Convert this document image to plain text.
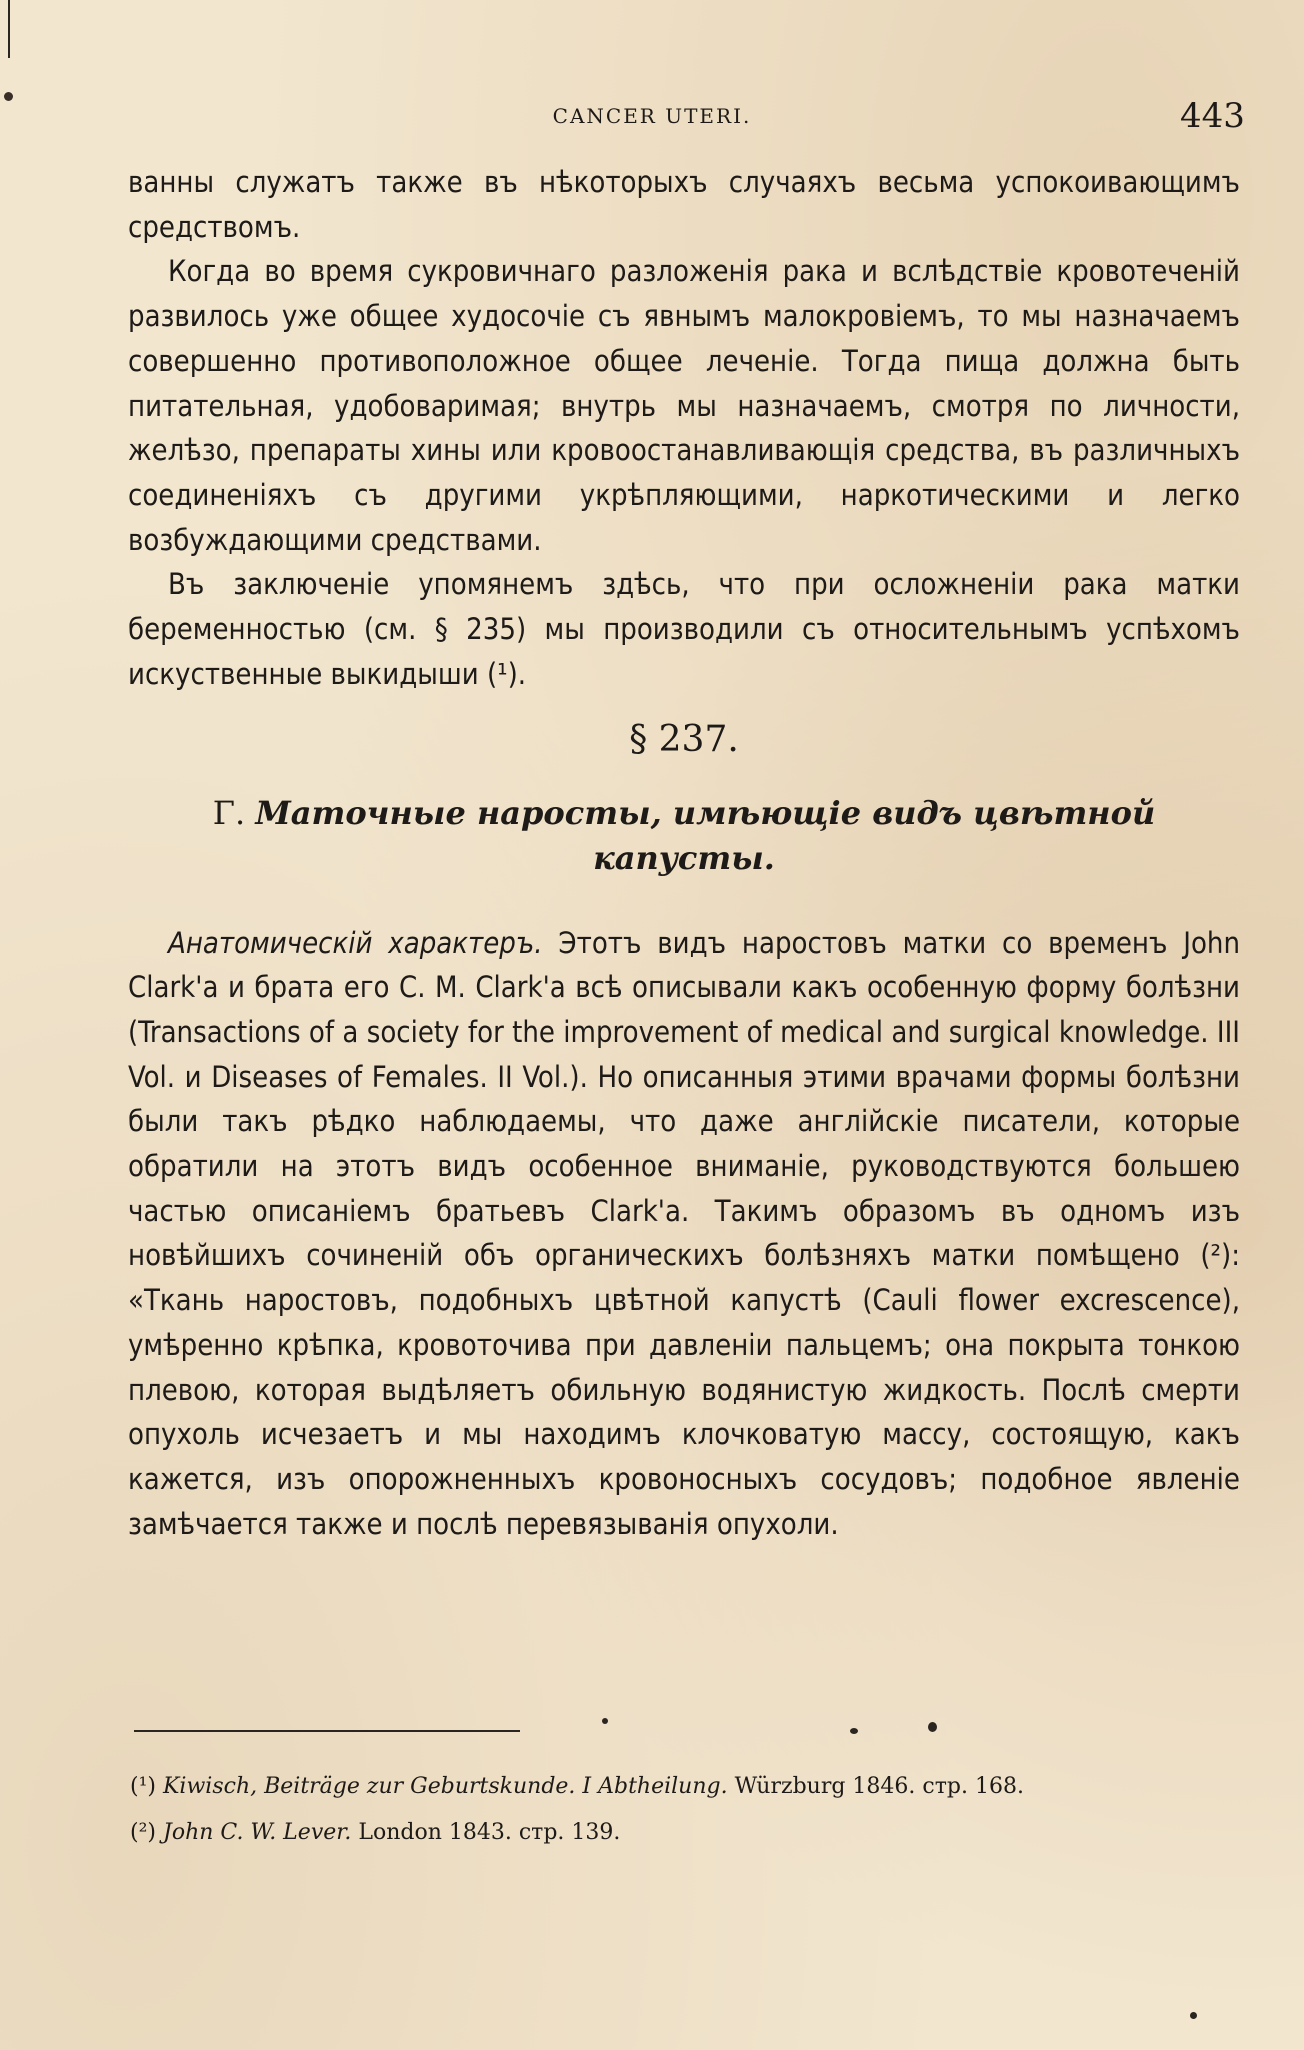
CANCER UTERI.	443

ванны служатъ также въ нѣкоторыхъ случаяхъ весьма успокоивающимъ средствомъ.

Когда во время сукровичнаго разложенія рака и вслѣдствіе кровотеченій развилось уже общее худосочіе съ явнымъ малокровіемъ, то мы назначаемъ совершенно противоположное общее леченіе. Тогда пища должна быть питательная, удобоваримая; внутрь мы назначаемъ, смотря по личности, желѣзо, препараты хины или кровоостанавливающія средства, въ различныхъ соединеніяхъ съ другими укрѣпляющими, наркотическими и легко возбуждающими средствами.

Въ заключеніе упомянемъ здѣсь, что при осложненіи рака матки беременностью (см. § 235) мы производили съ относительнымъ успѣхомъ искуственные выкидыши (¹).

§ 237.
Γ. Маточные наросты, имѣющіе видъ цвѣтной капусты.

Анатомическій характеръ. Этотъ видъ наростовъ матки со временъ John Clark'а и брата его C. M. Clark'а всѣ описывали какъ особенную форму болѣзни (Transactions of a society for the improvement of medical and surgical knowledge. III Vol. и Diseases of Females. II Vol.). Но описанныя этими врачами формы болѣзни были такъ рѣдко наблюдаемы, что даже англійскіе писатели, которые обратили на этотъ видъ особенное вниманіе, руководствуются большею частью описаніемъ братьевъ Clark'а. Такимъ образомъ въ одномъ изъ новѣйшихъ сочиненій объ органическихъ болѣзняхъ матки помѣщено (²): «Ткань наростовъ, подобныхъ цвѣтной капустѣ (Cauli flower excrescence), умѣренно крѣпка, кровоточива при давленіи пальцемъ; она покрыта тонкою плевою, которая выдѣляетъ обильную водянистую жидкость. Послѣ смерти опухоль исчезаетъ и мы находимъ клочковатую массу, состоящую, какъ кажется, изъ опорожненныхъ кровоносныхъ сосудовъ; подобное явленіе замѣчается также и послѣ перевязыванія опухоли.

(¹) Kiwisch, Beiträge zur Geburtskunde. I Abtheilung. Würzburg 1846. стр. 168.

(²) John C. W. Lever. London 1843. стр. 139.
